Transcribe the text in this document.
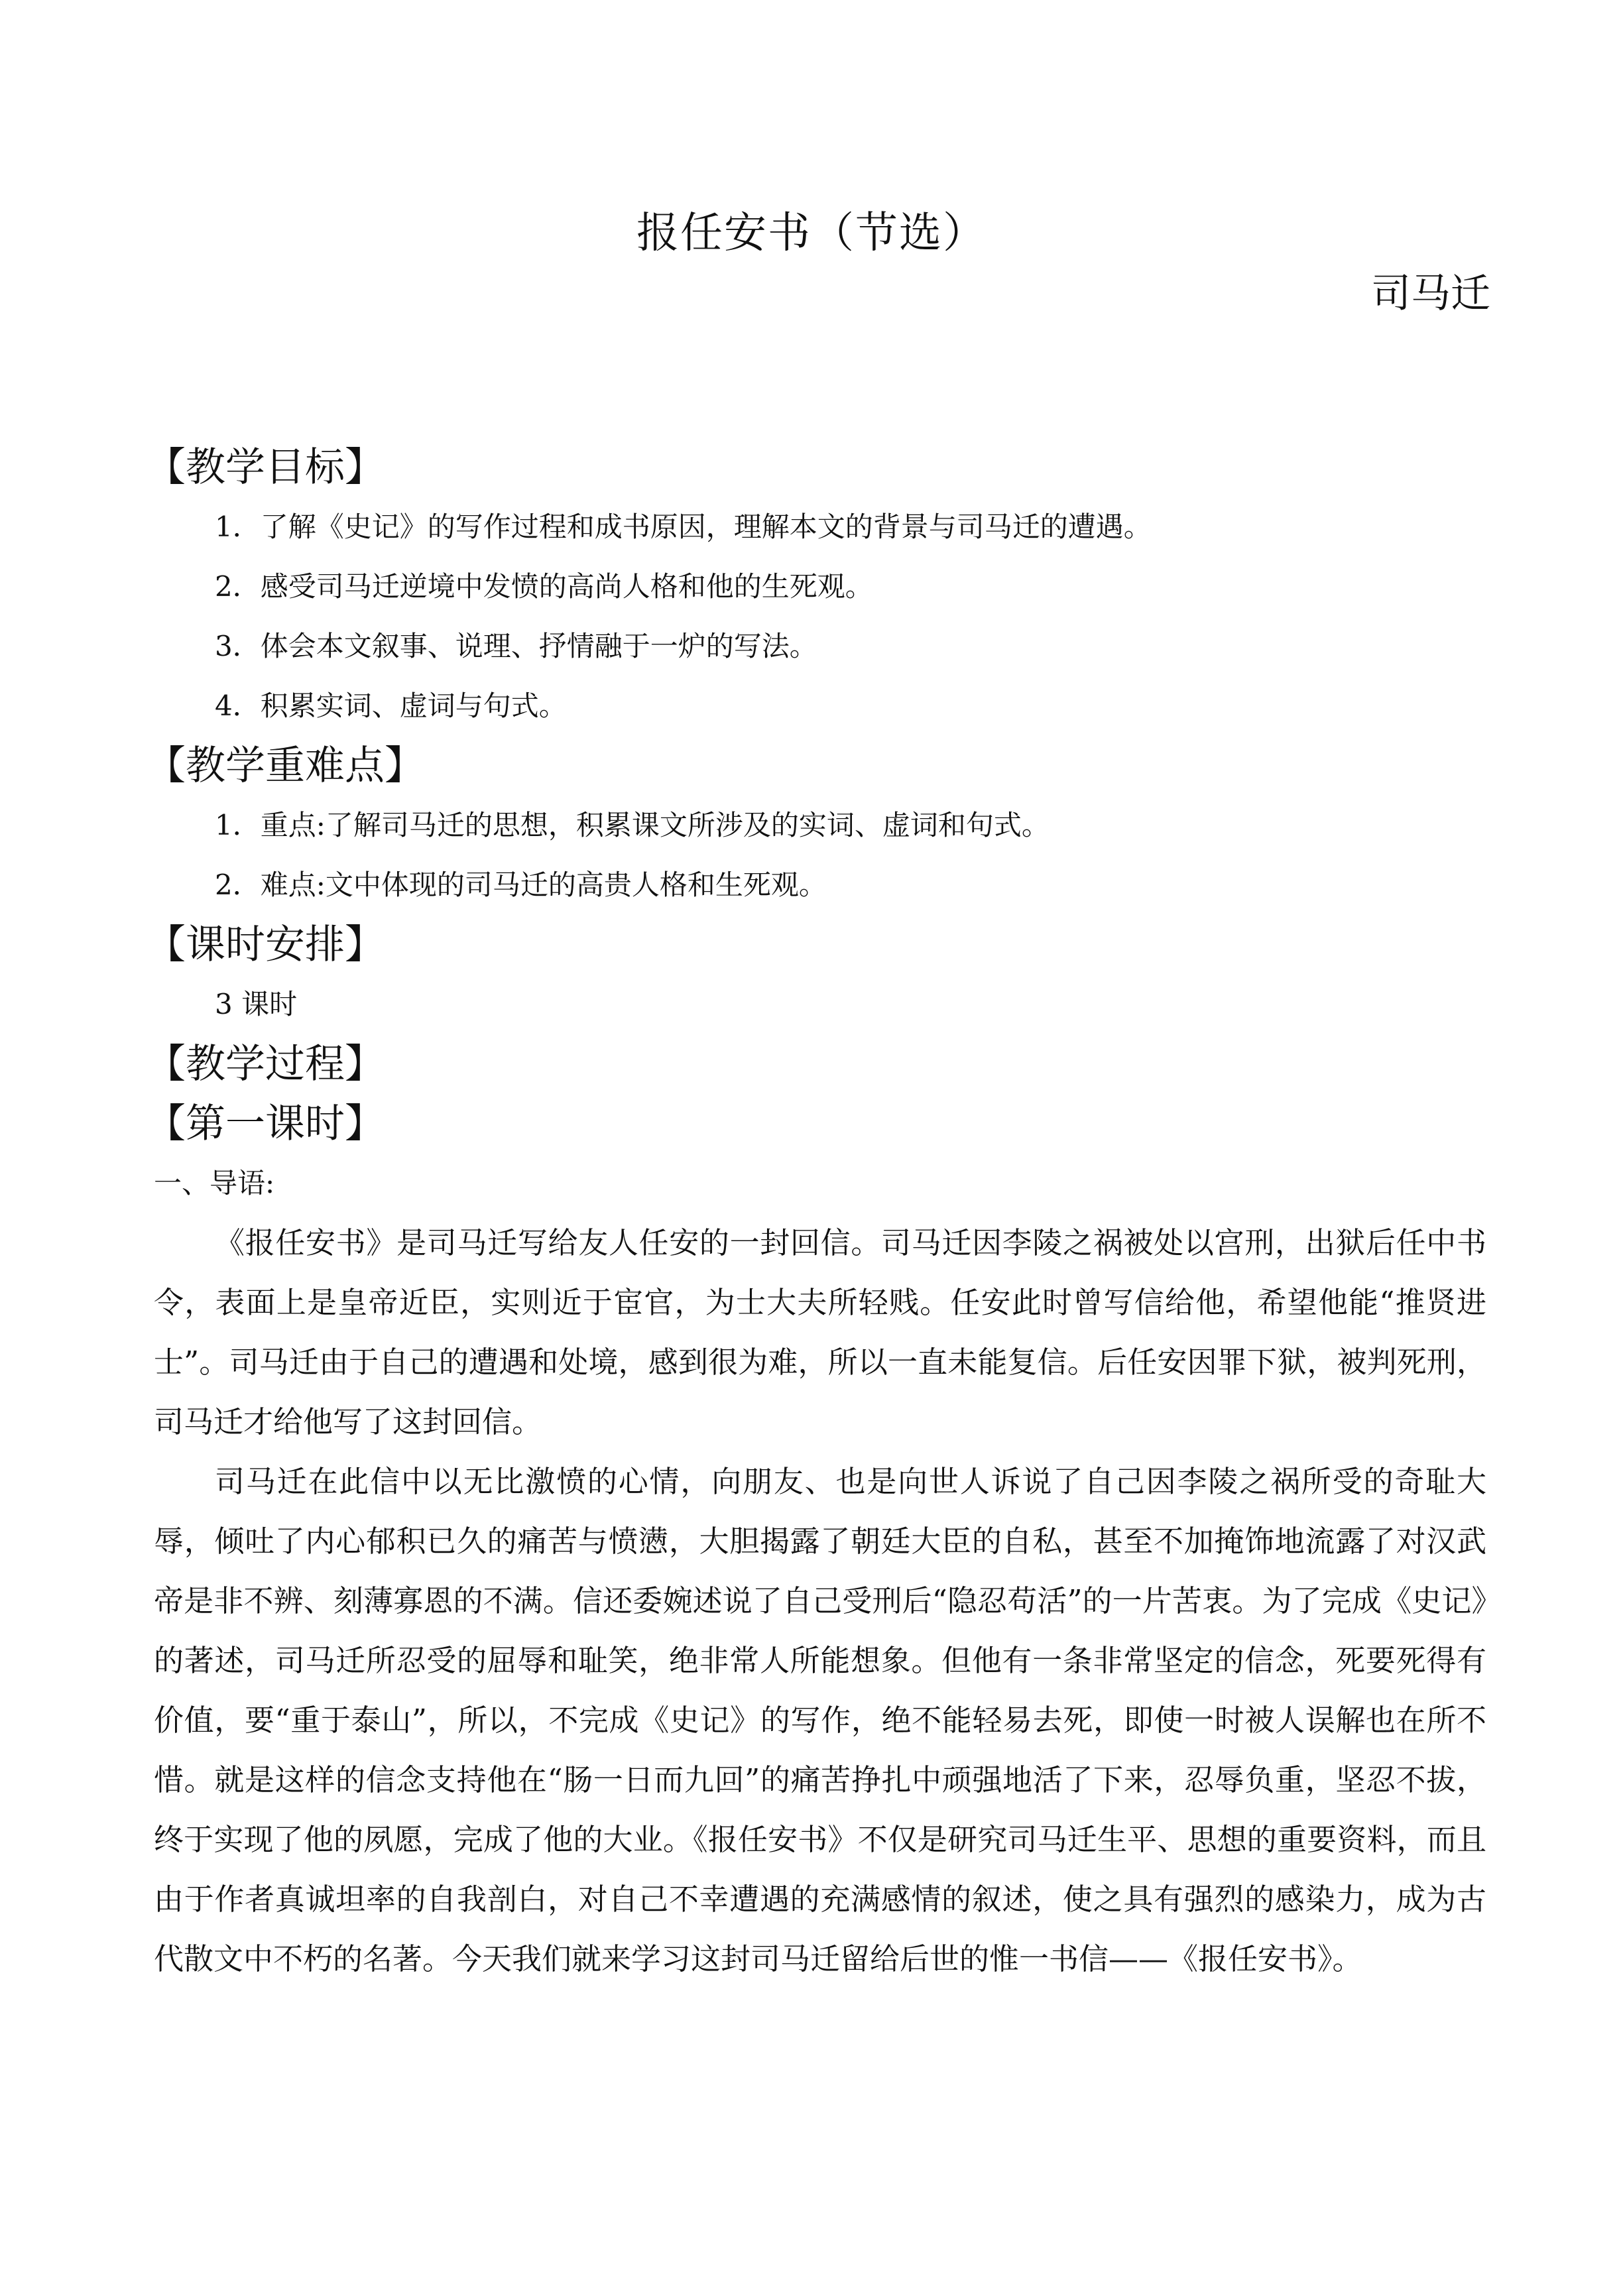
报任安书（节选）
司马迁
【教学目标】
1．了解《史记》的写作过程和成书原因，理解本文的背景与司马迁的遭遇。
2．感受司马迁逆境中发愤的高尚人格和他的生死观。
3．体会本文叙事、说理、抒情融于一炉的写法。
4．积累实词、虚词与句式。
【教学重难点】
1．重点:了解司马迁的思想，积累课文所涉及的实词、虚词和句式。
2．难点:文中体现的司马迁的高贵人格和生死观。
【课时安排】
3 课时
【教学过程】
【第一课时】
一、导语:

《报任安书》是司马迁写给友人任安的一封回信。司马迁因李陵之祸被处以宫刑，出狱后任中书令，表面上是皇帝近臣，实则近于宦官，为士大夫所轻贱。任安此时曾写信给他，希望他能“推贤进士”。司马迁由于自己的遭遇和处境，感到很为难，所以一直未能复信。后任安因罪下狱，被判死刑，司马迁才给他写了这封回信。

司马迁在此信中以无比激愤的心情，向朋友、也是向世人诉说了自己因李陵之祸所受的奇耻大辱，倾吐了内心郁积已久的痛苦与愤懑，大胆揭露了朝廷大臣的自私，甚至不加掩饰地流露了对汉武帝是非不辨、刻薄寡恩的不满。信还委婉述说了自己受刑后“隐忍苟活”的一片苦衷。为了完成《史记》的著述，司马迁所忍受的屈辱和耻笑，绝非常人所能想象。但他有一条非常坚定的信念，死要死得有价值，要“重于泰山”，所以，不完成《史记》的写作，绝不能轻易去死，即使一时被人误解也在所不惜。就是这样的信念支持他在“肠一日而九回”的痛苦挣扎中顽强地活了下来，忍辱负重，坚忍不拔，终于实现了他的夙愿，完成了他的大业。《报任安书》不仅是研究司马迁生平、思想的重要资料，而且由于作者真诚坦率的自我剖白，对自己不幸遭遇的充满感情的叙述，使之具有强烈的感染力，成为古代散文中不朽的名著。今天我们就来学习这封司马迁留给后世的惟一书信——《报任安书》。
